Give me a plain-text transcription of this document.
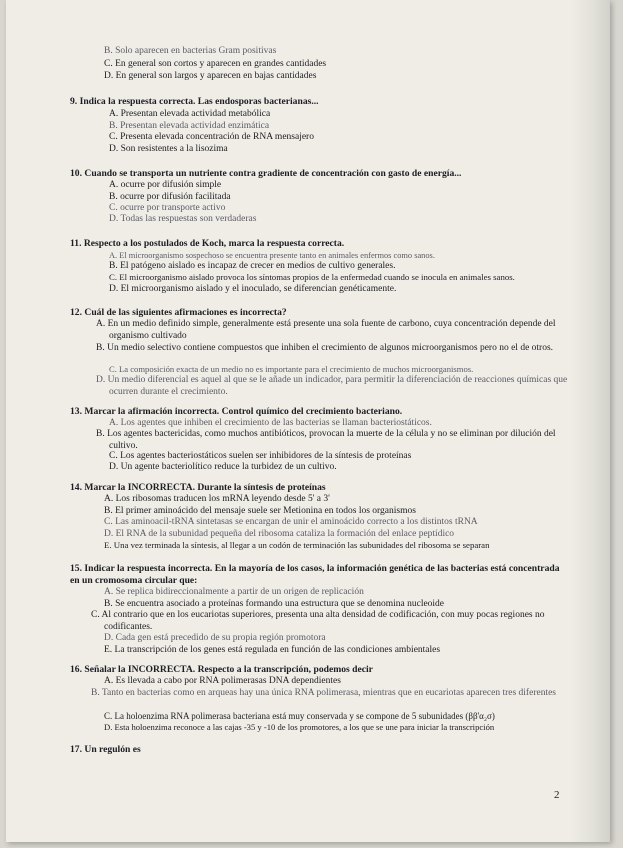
B. Solo aparecen en bacterias Gram positivas
C. En general son cortos y aparecen en grandes cantidades
D. En general son largos y aparecen en bajas cantidades
9. Indica la respuesta correcta. Las endosporas bacterianas...
A. Presentan elevada actividad metabólica
B. Presentan elevada actividad enzimática
C. Presenta elevada concentración de RNA mensajero
D. Son resistentes a la lisozima
10. Cuando se transporta un nutriente contra gradiente de concentración con gasto de energía...
A. ocurre por difusión simple
B. ocurre por difusión facilitada
C. ocurre por transporte activo
D. Todas las respuestas son verdaderas
11. Respecto a los postulados de Koch, marca la respuesta correcta.
A. El microorganismo sospechoso se encuentra presente tanto en animales enfermos como sanos.
B. El patógeno aislado es incapaz de crecer en medios de cultivo generales.
C. El microorganismo aislado provoca los síntomas propios de la enfermedad cuando se inocula en animales sanos.
D. El microorganismo aislado y el inoculado, se diferencian genéticamente.
12. Cuál de las siguientes afirmaciones es incorrecta?
A. En un medio definido simple, generalmente está presente una sola fuente de carbono, cuya concentración depende del organismo cultivado
B. Un medio selectivo contiene compuestos que inhiben el crecimiento de algunos microorganismos pero no el de otros.
C. La composición exacta de un medio no es importante para el crecimiento de muchos microorganismos.
D. Un medio diferencial es aquel al que se le añade un indicador, para permitir la diferenciación de reacciones químicas que ocurren durante el crecimiento.
13. Marcar la afirmación incorrecta. Control químico del crecimiento bacteriano.
A. Los agentes que inhiben el crecimiento de las bacterias se llaman bacteriostáticos.
B. Los agentes bactericidas, como muchos antibióticos, provocan la muerte de la célula y no se eliminan por dilución del cultivo.
C. Los agentes bacteriostáticos suelen ser inhibidores de la síntesis de proteínas
D. Un agente bacteriolítico reduce la turbidez de un cultivo.
14. Marcar la INCORRECTA. Durante la síntesis de proteínas
A. Los ribosomas traducen los mRNA leyendo desde 5' a 3'
B. El primer aminoácido del mensaje suele ser Metionina en todos los organismos
C. Las aminoacil-tRNA sintetasas se encargan de unir el aminoácido correcto a los distintos tRNA
D. El RNA de la subunidad pequeña del ribosoma cataliza la formación del enlace peptídico
E. Una vez terminada la síntesis, al llegar a un codón de terminación las subunidades del ribosoma se separan
15. Indicar la respuesta incorrecta. En la mayoría de los casos, la información genética de las bacterias está concentrada en un cromosoma circular que:
A. Se replica bidireccionalmente a partir de un origen de replicación
B. Se encuentra asociado a proteínas formando una estructura que se denomina nucleoide
C. Al contrario que en los eucariotas superiores, presenta una alta densidad de codificación, con muy pocas regiones no codificantes.
D. Cada gen está precedido de su propia región promotora
E. La transcripción de los genes está regulada en función de las condiciones ambientales
16. Señalar la INCORRECTA. Respecto a la transcripción, podemos decir
A. Es llevada a cabo por RNA polimerasas DNA dependientes
B. Tanto en bacterias como en arqueas hay una única RNA polimerasa, mientras que en eucariotas aparecen tres diferentes
C. La holoenzima RNA polimerasa bacteriana está muy conservada y se compone de 5 subunidades (ββ'α₂σ)
D. Esta holoenzima reconoce a las cajas -35 y -10 de los promotores, a los que se une para iniciar la transcripción
17. Un regulón es
2
